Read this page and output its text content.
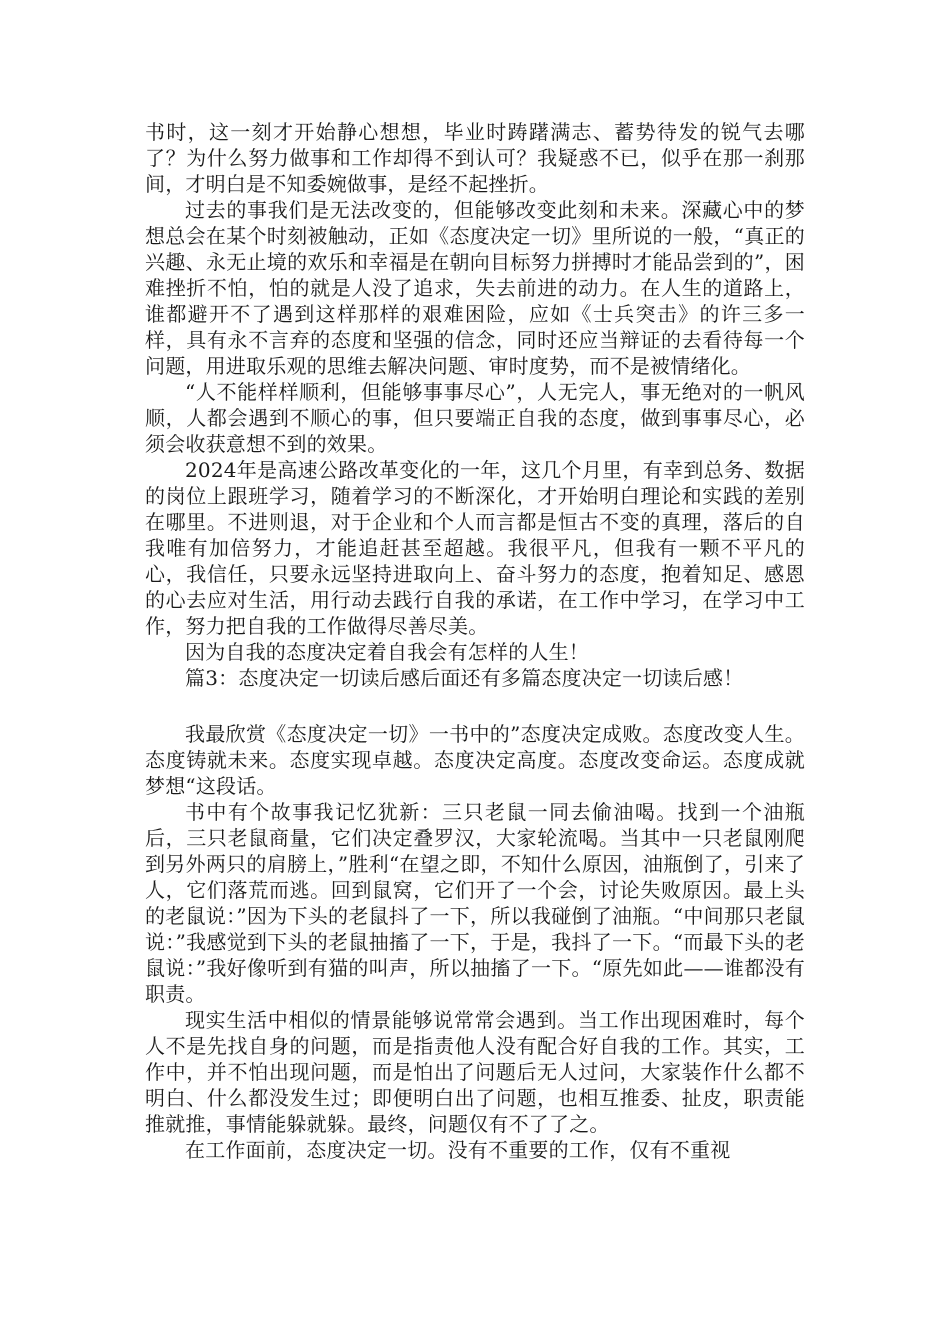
书时，这一刻才开始静心想想，毕业时踌躇满志、蓄势待发的锐气去哪了？为什么努力做事和工作却得不到认可？我疑惑不已，似乎在那一刹那间，才明白是不知委婉做事，是经不起挫折。

过去的事我们是无法改变的，但能够改变此刻和未来。深藏心中的梦想总会在某个时刻被触动，正如《态度决定一切》里所说的一般，“真正的兴趣、永无止境的欢乐和幸福是在朝向目标努力拼搏时才能品尝到的”，困难挫折不怕，怕的就是人没了追求，失去前进的动力。在人生的道路上，谁都避开不了遇到这样那样的艰难困险，应如《士兵突击》的许三多一样，具有永不言弃的态度和坚强的信念，同时还应当辩证的去看待每一个问题，用进取乐观的思维去解决问题、审时度势，而不是被情绪化。

“人不能样样顺利，但能够事事尽心”，人无完人，事无绝对的一帆风顺，人都会遇到不顺心的事，但只要端正自我的态度，做到事事尽心，必须会收获意想不到的效果。

2024年是高速公路改革变化的一年，这几个月里，有幸到总务、数据的岗位上跟班学习，随着学习的不断深化，才开始明白理论和实践的差别在哪里。不进则退，对于企业和个人而言都是恒古不变的真理，落后的自我唯有加倍努力，才能追赶甚至超越。我很平凡，但我有一颗不平凡的心，我信任，只要永远坚持进取向上、奋斗努力的态度，抱着知足、感恩的心去应对生活，用行动去践行自我的承诺，在工作中学习，在学习中工作，努力把自我的工作做得尽善尽美。

因为自我的态度决定着自我会有怎样的人生！

篇3：态度决定一切读后感后面还有多篇态度决定一切读后感！

我最欣赏《态度决定一切》一书中的”态度决定成败。态度改变人生。态度铸就未来。态度实现卓越。态度决定高度。态度改变命运。态度成就梦想“这段话。

书中有个故事我记忆犹新：三只老鼠一同去偷油喝。找到一个油瓶后，三只老鼠商量，它们决定叠罗汉，大家轮流喝。当其中一只老鼠刚爬到另外两只的肩膀上，”胜利“在望之即，不知什么原因，油瓶倒了，引来了人，它们落荒而逃。回到鼠窝，它们开了一个会，讨论失败原因。最上头的老鼠说：”因为下头的老鼠抖了一下，所以我碰倒了油瓶。“中间那只老鼠说：”我感觉到下头的老鼠抽搐了一下，于是，我抖了一下。“而最下头的老鼠说：”我好像听到有猫的叫声，所以抽搐了一下。“原先如此——谁都没有职责。

现实生活中相似的情景能够说常常会遇到。当工作出现困难时，每个人不是先找自身的问题，而是指责他人没有配合好自我的工作。其实，工作中，并不怕出现问题，而是怕出了问题后无人过问，大家装作什么都不明白、什么都没发生过；即便明白出了问题，也相互推委、扯皮，职责能推就推，事情能躲就躲。最终，问题仅有不了了之。

在工作面前，态度决定一切。没有不重要的工作，仅有不重视
